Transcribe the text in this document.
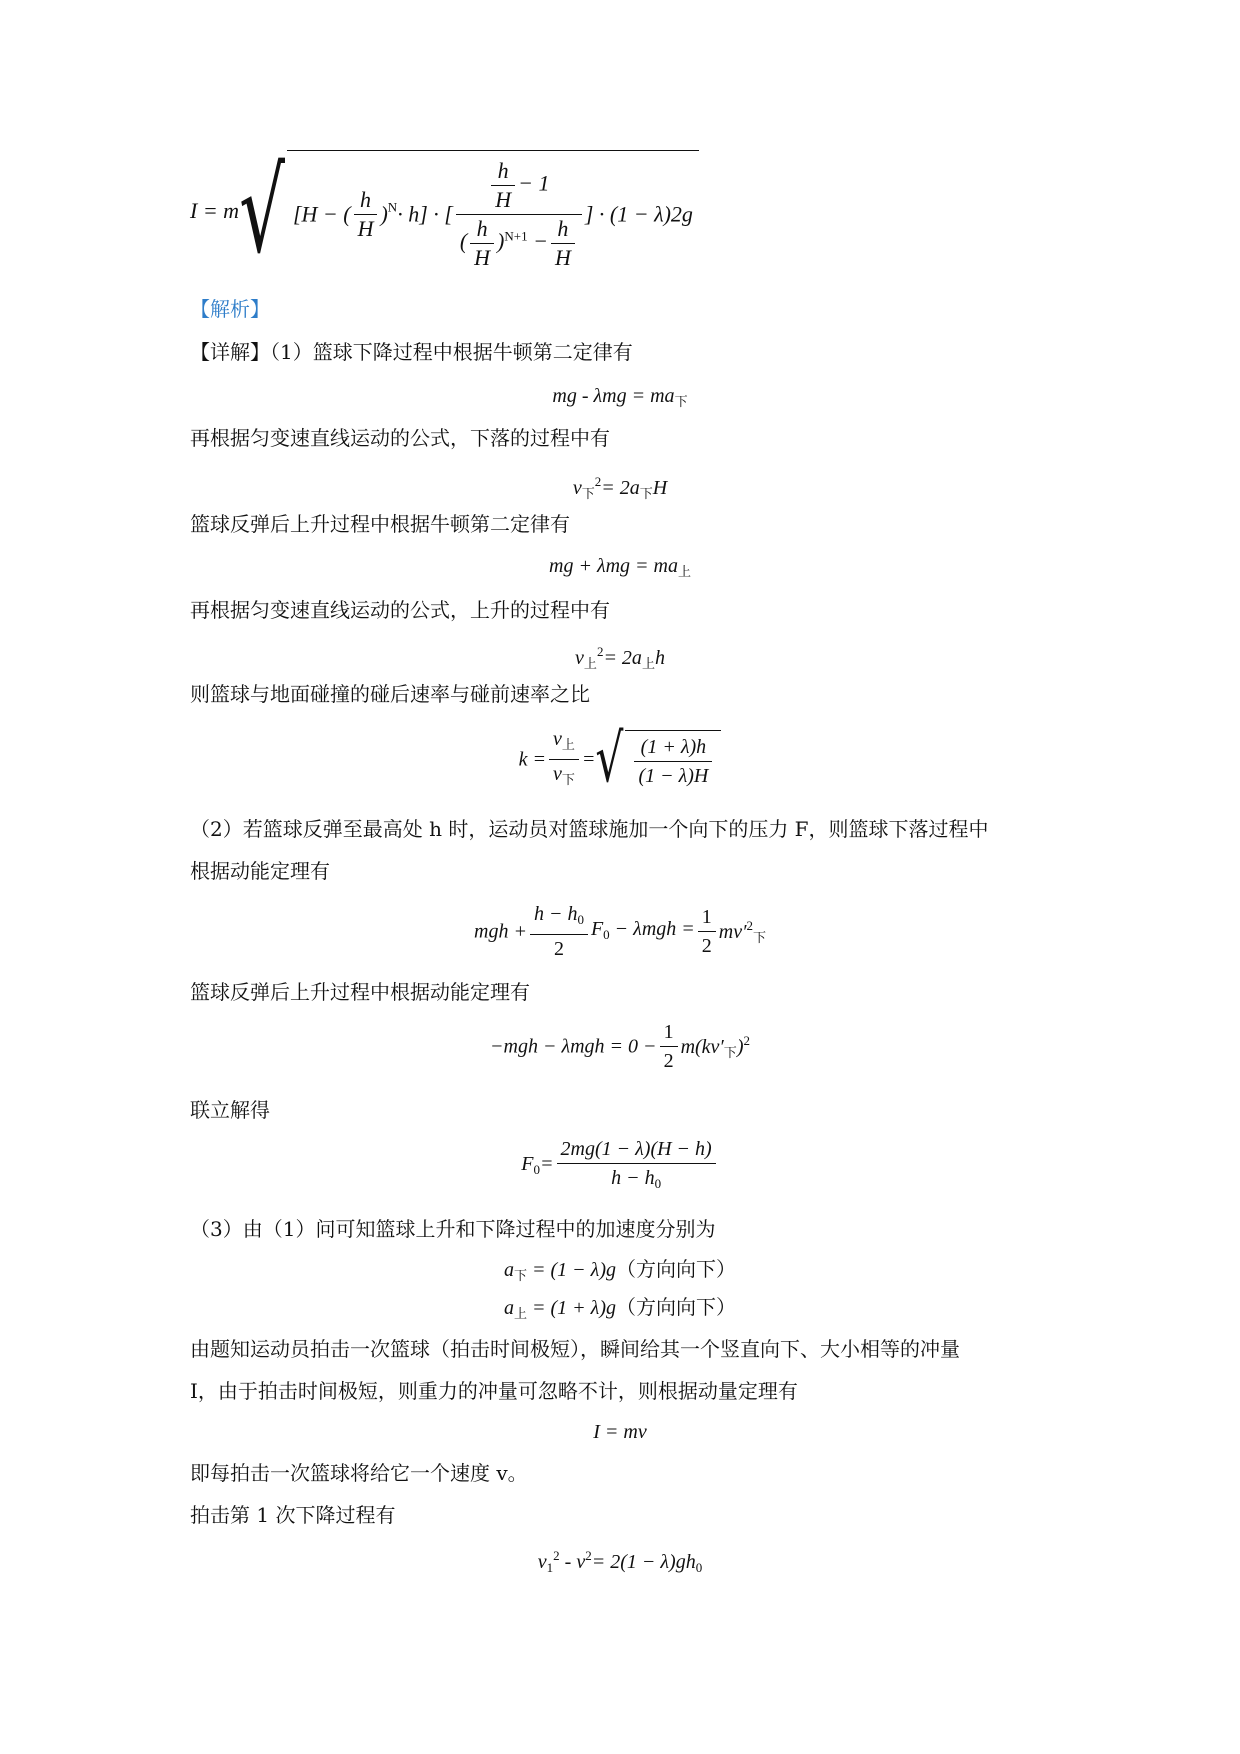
I = m√ [H − ( $\frac{h}{H} )^N\cdot h$] · [ $\frac{\frac{h}{H} - 1}{( \frac{h}{H} )^{N+1} - \frac{h}{H}}$ ] · (1 − λ)2g
【解析】
【详解】（1）篮球下降过程中根据牛顿第二定律有
mg - $\lambda mg = ma_下$
再根据匀变速直线运动的公式，下落的过程中有
$v_下^2= 2a_下H$
篮球反弹后上升过程中根据牛顿第二定律有
mg + $\lambda mg = ma_上$
再根据匀变速直线运动的公式，上升的过程中有
$v_上^2= 2a_上h$
则篮球与地面碰撞的碰后速率与碰前速率之比
$k = \frac{v_上}{v_下}$ =√ $\frac{(1 + \lambda)h}{(1 - \lambda)H}$
（2）若篮球反弹至最高处 h 时，运动员对篮球施加一个向下的压力 F，则篮球下落过程中
根据动能定理有
mgh + $\frac{h - h_0}{2} F_0 - \lambda mgh = \frac{1}{2} mv'^2_下$
篮球反弹后上升过程中根据动能定理有
$-mgh - \lambda mgh = 0 - \frac{1}{2} m(kv'_下)^2$
联立解得
$F_0= \frac{2mg(1 - \lambda)(H - h)}{h - h_0}$
（3）由（1）问可知篮球上升和下降过程中的加速度分别为
$a_下 = (1 - \lambda)g$（方向向下）
$a_上 = (1 + \lambda)g$（方向向下）
由题知运动员拍击一次篮球（拍击时间极短），瞬间给其一个竖直向下、大小相等的冲量
I，由于拍击时间极短，则重力的冲量可忽略不计，则根据动量定理有
I = mv
即每拍击一次篮球将给它一个速度 v。
拍击第 1 次下降过程有
$v_1^2 - v^2= 2(1 - \lambda)gh_0$
